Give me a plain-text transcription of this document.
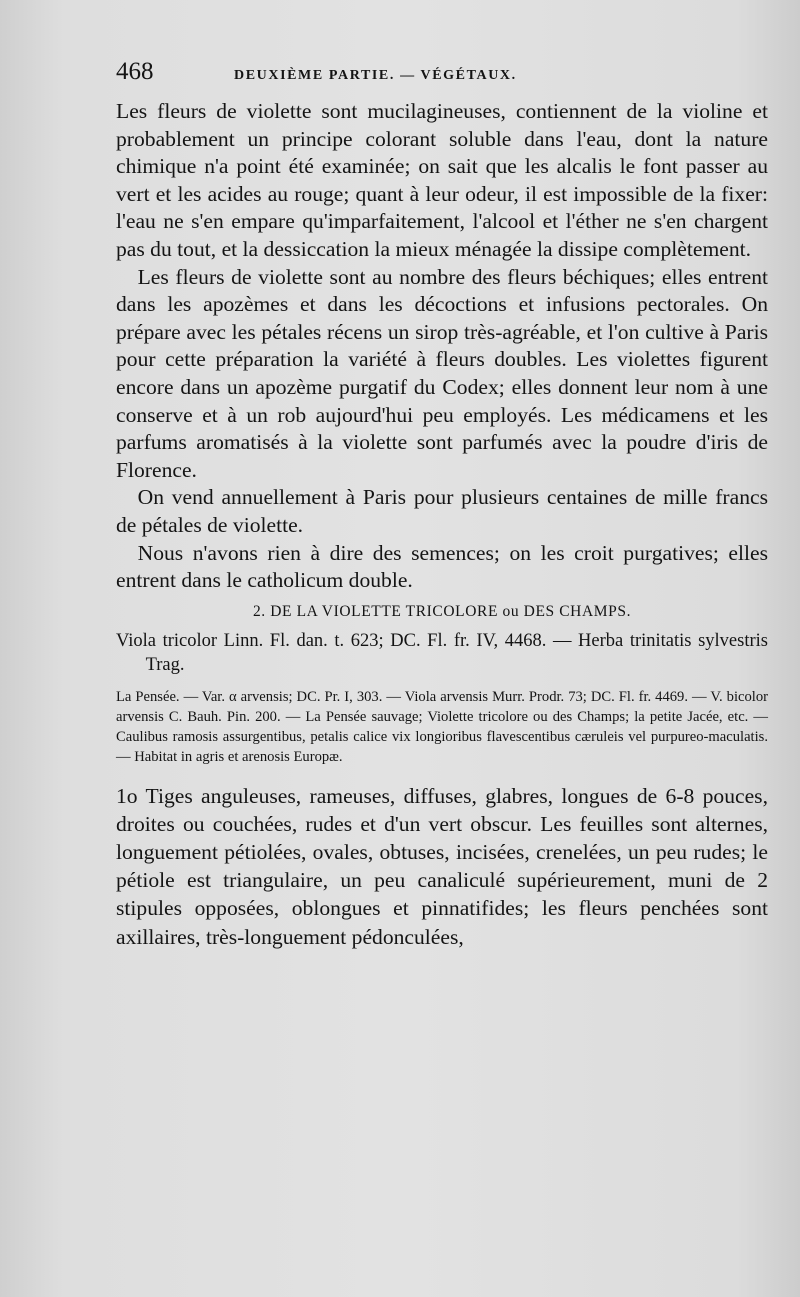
468	DEUXIÈME PARTIE. — VÉGÉTAUX.

Les fleurs de violette sont mucilagineuses, contiennent de la violine et probablement un principe colorant soluble dans l'eau, dont la nature chimique n'a point été examinée; on sait que les alcalis le font passer au vert et les acides au rouge; quant à leur odeur, il est impossible de la fixer: l'eau ne s'en empare qu'imparfaitement, l'alcool et l'éther ne s'en chargent pas du tout, et la dessiccation la mieux ménagée la dissipe complètement.

Les fleurs de violette sont au nombre des fleurs béchiques; elles entrent dans les apozèmes et dans les décoctions et infusions pectorales. On prépare avec les pétales récens un sirop très-agréable, et l'on cultive à Paris pour cette préparation la variété à fleurs doubles. Les violettes figurent encore dans un apozème purgatif du Codex; elles donnent leur nom à une conserve et à un rob aujourd'hui peu employés. Les médicamens et les parfums aromatisés à la violette sont parfumés avec la poudre d'iris de Florence.

On vend annuellement à Paris pour plusieurs centaines de mille francs de pétales de violette.

Nous n'avons rien à dire des semences; on les croit purgatives; elles entrent dans le catholicum double.

2. DE LA VIOLETTE TRICOLORE ou DES CHAMPS.

Viola tricolor Linn. Fl. dan. t. 623; DC. Fl. fr. IV, 4468. — Herba trinitatis sylvestris Trag.

La Pensée. — Var. α arvensis; DC. Pr. I, 303. — Viola arvensis Murr. Prodr. 73; DC. Fl. fr. 4469. — V. bicolor arvensis C. Bauh. Pin. 200. — La Pensée sauvage; Violette tricolore ou des Champs; la petite Jacée, etc. — Caulibus ramosis assurgentibus, petalis calice vix longioribus flavescentibus cæruleis vel purpureo-maculatis. — Habitat in agris et arenosis Europæ.

1o Tiges anguleuses, rameuses, diffuses, glabres, longues de 6-8 pouces, droites ou couchées, rudes et d'un vert obscur. Les feuilles sont alternes, longuement pétiolées, ovales, obtuses, incisées, crenelées, un peu rudes; le pétiole est triangulaire, un peu canaliculé supérieurement, muni de 2 stipules opposées, oblongues et pinnatifides; les fleurs penchées sont axillaires, très-longuement pédonculées,
